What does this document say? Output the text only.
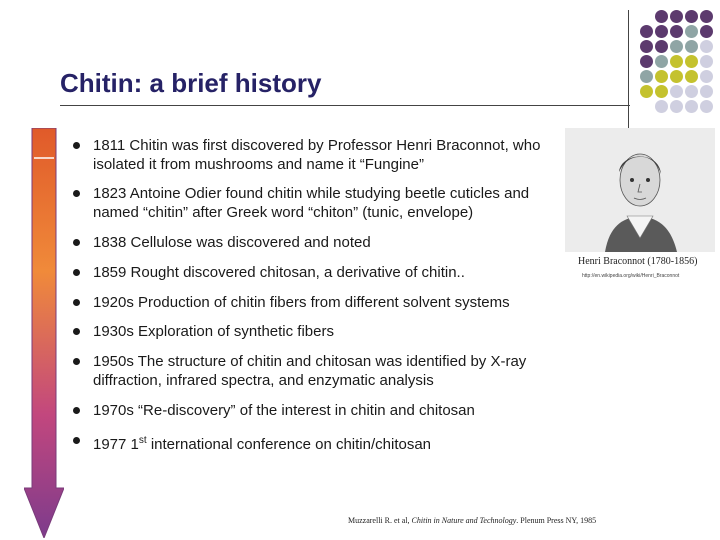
Chitin: a brief history
1811 Chitin was first discovered by Professor Henri Braconnot, who isolated it from mushrooms and name it “Fungine”
1823 Antoine Odier found chitin while studying beetle cuticles and named “chitin” after Greek word “chiton” (tunic, envelope)
1838 Cellulose was discovered and noted
1859 Rought discovered chitosan, a derivative of chitin..
1920s Production of chitin fibers from different solvent systems
1930s Exploration of synthetic fibers
1950s The structure of chitin and chitosan was identified by X-ray diffraction, infrared spectra, and enzymatic analysis
1970s “Re-discovery” of the interest in chitin and chitosan
1977 1st international conference on chitin/chitosan
Henri Braconnot (1780-1856)
http://en.wikipedia.org/wiki/Henri_Braconnot
Muzzarelli R. et al, Chitin in Nature and Technology. Plenum Press NY, 1985
